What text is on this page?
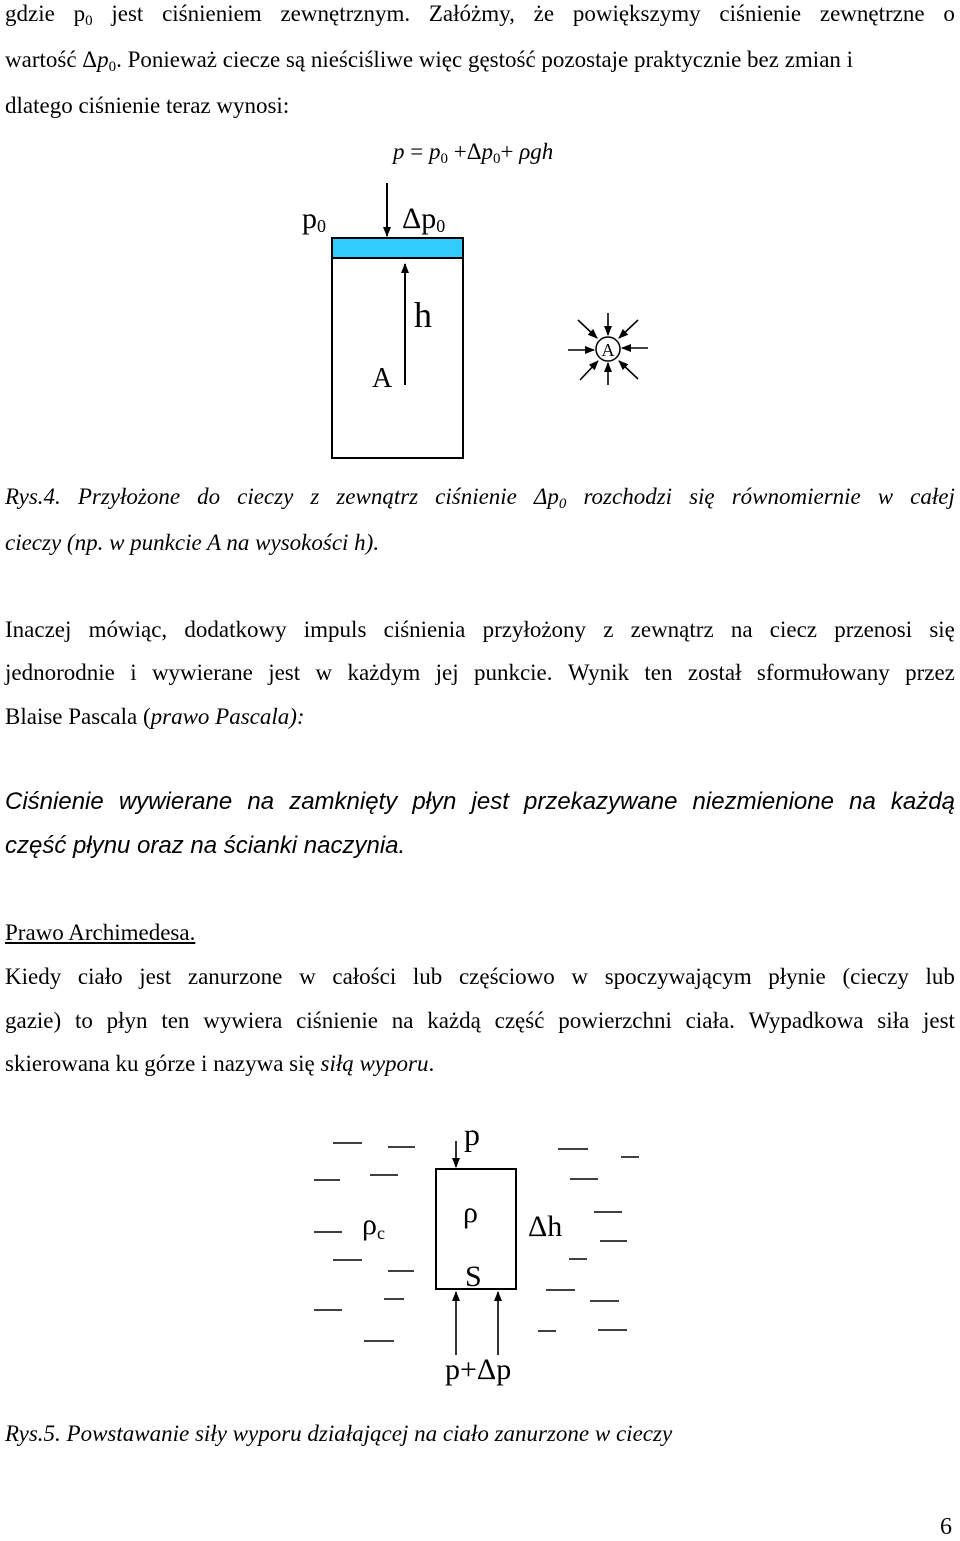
gdzie $p_0$ jest ciśnieniem zewnętrznym. Załóżmy, że powiększymy ciśnienie zewnętrzne o
wartość $\Delta p_0$. Ponieważ ciecze są nieściśliwe więc gęstość pozostaje praktycznie bez zmian i
dlatego ciśnienie teraz wynosi:
$p = p_0 +\Delta p_0+ \rho gh$
p0	Δp0
h
A
A
Rys.4. Przyłożone do cieczy z zewnątrz ciśnienie $\Delta p_0$ rozchodzi się równomiernie w całej
cieczy (np. w punkcie A na wysokości h).
Inaczej mówiąc, dodatkowy impuls ciśnienia przyłożony z zewnątrz na ciecz przenosi się
jednorodnie i wywierane jest w każdym jej punkcie. Wynik ten został sformułowany przez
Blaise Pascala (prawo Pascala):
Ciśnienie wywierane na zamknięty płyn jest przekazywane niezmienione na każdą
część płynu oraz na ścianki naczynia.
Prawo Archimedesa.
Kiedy ciało jest zanurzone w całości lub częściowo w spoczywającym płynie (cieczy lub
gazie) to płyn ten wywiera ciśnienie na każdą część powierzchni ciała. Wypadkowa siła jest
skierowana ku górze i nazywa się siłą wyporu.
p
ρc
ρ
S
Δh
p+Δp
Rys.5. Powstawanie siły wyporu działającej na ciało zanurzone w cieczy
6
